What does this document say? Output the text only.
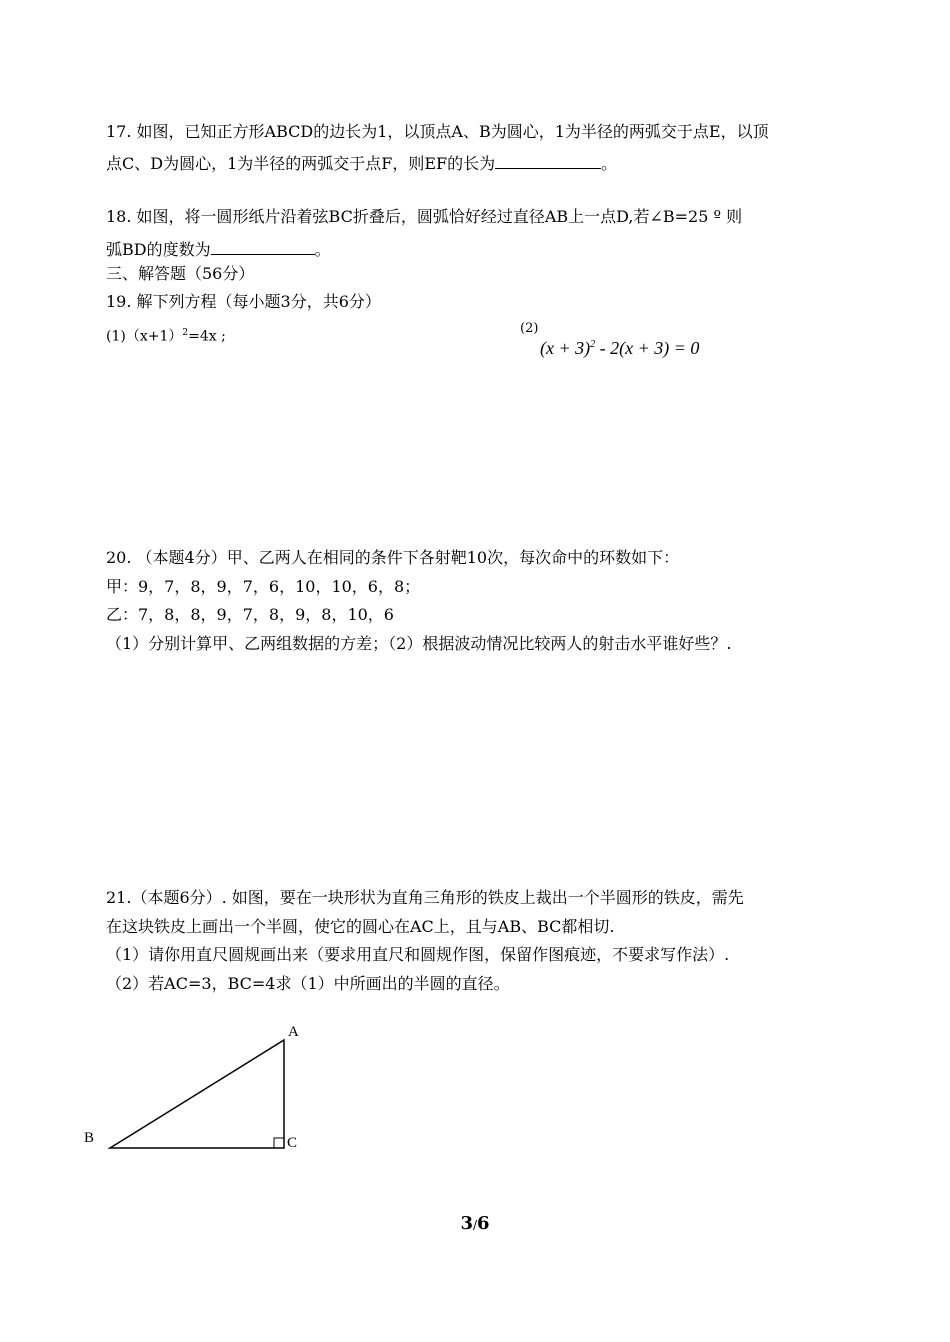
17. 如图，已知正方形ABCD的边长为1，以顶点A、B为圆心，1为半径的两弧交于点E，以顶
点C、D为圆心，1为半径的两弧交于点F，则EF的长为	。
18. 如图，将一圆形纸片沿着弦BC折叠后，圆弧恰好经过直径AB上一点D,若∠B=25 º 则
弧BD的度数为	。
三、解答题（56分）
19. 解下列方程（每小题3分，共6分）
$(1)(x+1)^2=4x$ ;
(2)
$(x + 3)^2 - 2(x + 3) = 0$
20. （本题4分）甲、乙两人在相同的条件下各射靶10次，每次命中的环数如下：
甲：9，7，8，9，7，6，10，10，6，8；
乙：7，8，8，9，7，8，9，8，10，6
（1）分别计算甲、乙两组数据的方差；（2）根据波动情况比较两人的射击水平谁好些？.
21.（本题6分）. 如图，要在一块形状为直角三角形的铁皮上裁出一个半圆形的铁皮，需先
在这块铁皮上画出一个半圆，使它的圆心在AC上，且与AB、BC都相切.
（1）请你用直尺圆规画出来（要求用直尺和圆规作图，保留作图痕迹，不要求写作法）.
（2）若AC=3，BC=4求（1）中所画出的半圆的直径。
A
B	C
3/6
